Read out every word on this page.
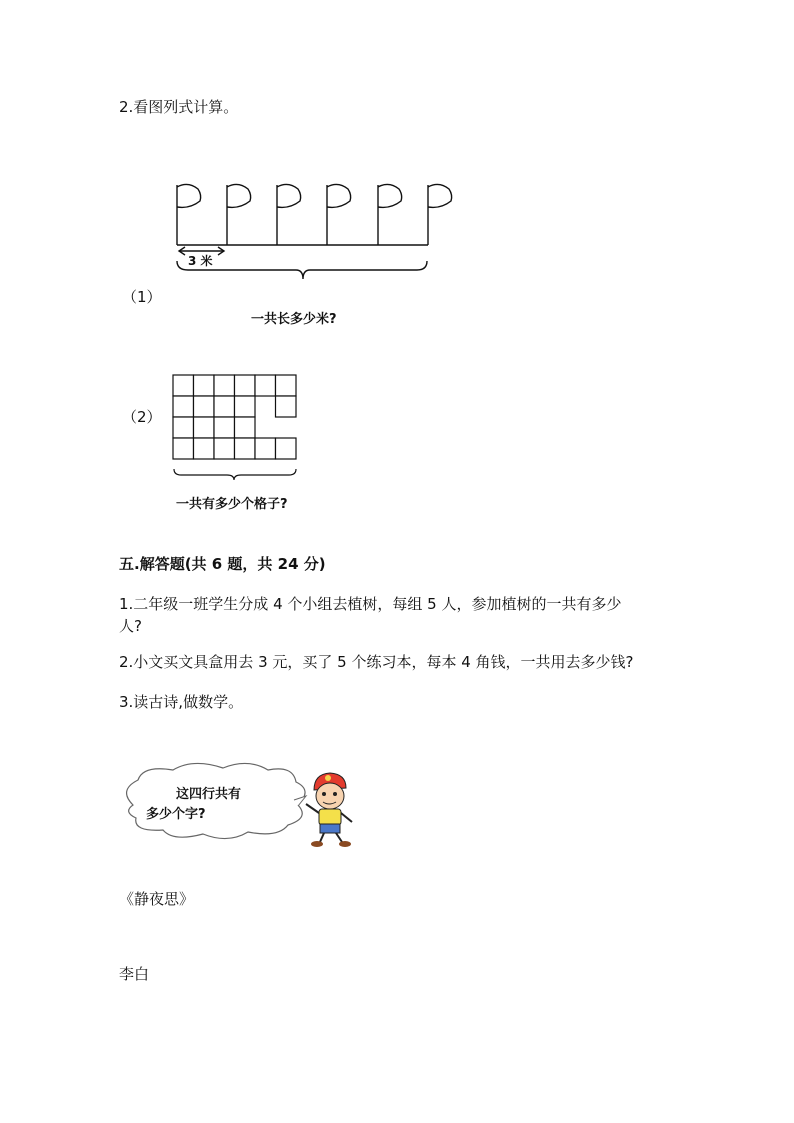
2.看图列式计算。
（1）
3 米
一共长多少米?
（2）
一共有多少个格子?
五.解答题(共 6 题，共 24 分)
1.二年级一班学生分成 4 个小组去植树，每组 5 人，参加植树的一共有多少
人?
2.小文买文具盒用去 3 元，买了 5 个练习本，每本 4 角钱，一共用去多少钱?
3.读古诗,做数学。
这四行共有
多少个字?
《静夜思》
李白
